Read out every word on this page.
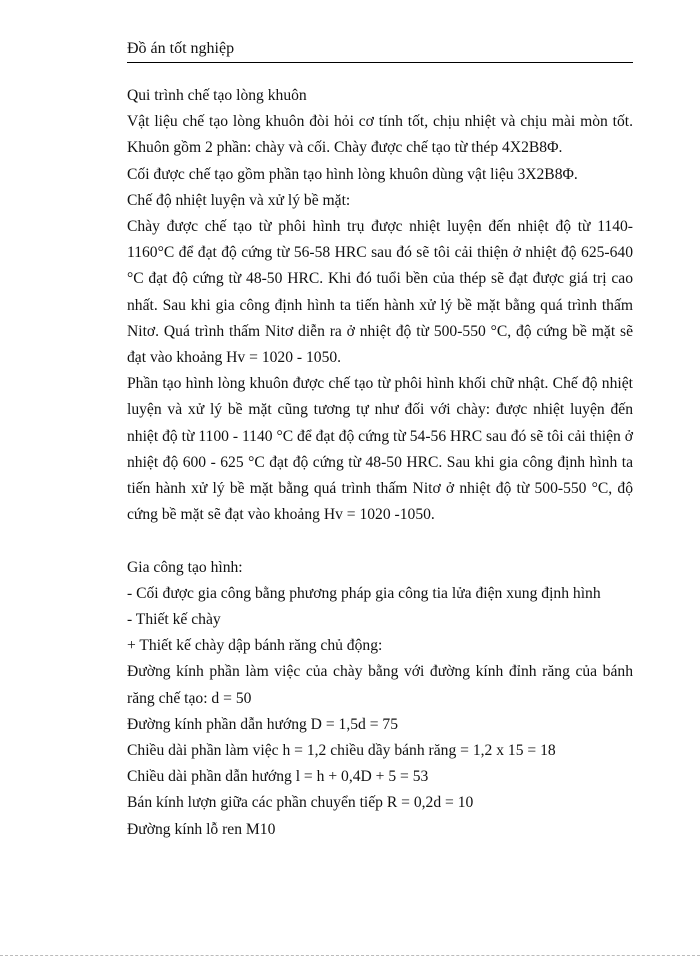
Đồ án tốt nghiệp

Qui trình chế tạo lòng khuôn

Vật liệu chế tạo lòng khuôn đòi hỏi cơ tính tốt, chịu nhiệt và chịu mài mòn tốt. Khuôn gồm 2 phần: chày và cối. Chày được chế tạo từ thép 4X2B8Φ.

Cối được chế tạo gồm phần tạo hình lòng khuôn dùng vật liệu 3X2B8Φ.

Chế độ nhiệt luyện và xử lý bề mặt:

Chày được chế tạo từ phôi hình trụ được nhiệt luyện đến nhiệt độ từ 1140-1160°C để đạt độ cứng từ 56-58 HRC sau đó sẽ tôi cải thiện ở nhiệt độ 625-640 °C đạt độ cứng từ 48-50 HRC. Khi đó tuổi bền của thép sẽ đạt được giá trị cao nhất. Sau khi gia công định hình ta tiến hành xử lý bề mặt bằng quá trình thấm Nitơ. Quá trình thấm Nitơ diễn ra ở nhiệt độ từ 500-550 °C, độ cứng bề mặt sẽ đạt vào khoảng Hv = 1020 - 1050.

Phần tạo hình lòng khuôn được chế tạo từ phôi hình khối chữ nhật. Chế độ nhiệt luyện và xử lý bề mặt cũng tương tự như đối với chày: được nhiệt luyện đến nhiệt độ từ 1100 - 1140 °C để đạt độ cứng từ 54-56 HRC sau đó sẽ tôi cải thiện ở nhiệt độ 600 - 625 °C đạt độ cứng từ 48-50 HRC. Sau khi gia công định hình ta tiến hành xử lý bề mặt bằng quá trình thấm Nitơ ở nhiệt độ từ 500-550 °C, độ cứng bề mặt sẽ đạt vào khoảng Hv = 1020 -1050.

Gia công tạo hình:

- Cối được gia công bằng phương pháp gia công tia lửa điện xung định hình

- Thiết kế chày

+ Thiết kế chày dập bánh răng chủ động:

Đường kính phần làm việc của chày bằng với đường kính đỉnh răng của bánh răng chế tạo: d = 50

Đường kính phần dẫn hướng D = 1,5d = 75

Chiều dài phần làm việc h = 1,2 chiều dầy bánh răng = 1,2 x 15 = 18

Chiều dài phần dẫn hướng l = h + 0,4D + 5 = 53

Bán kính lượn giữa các phần chuyển tiếp R = 0,2d = 10

Đường kính lỗ ren M10
